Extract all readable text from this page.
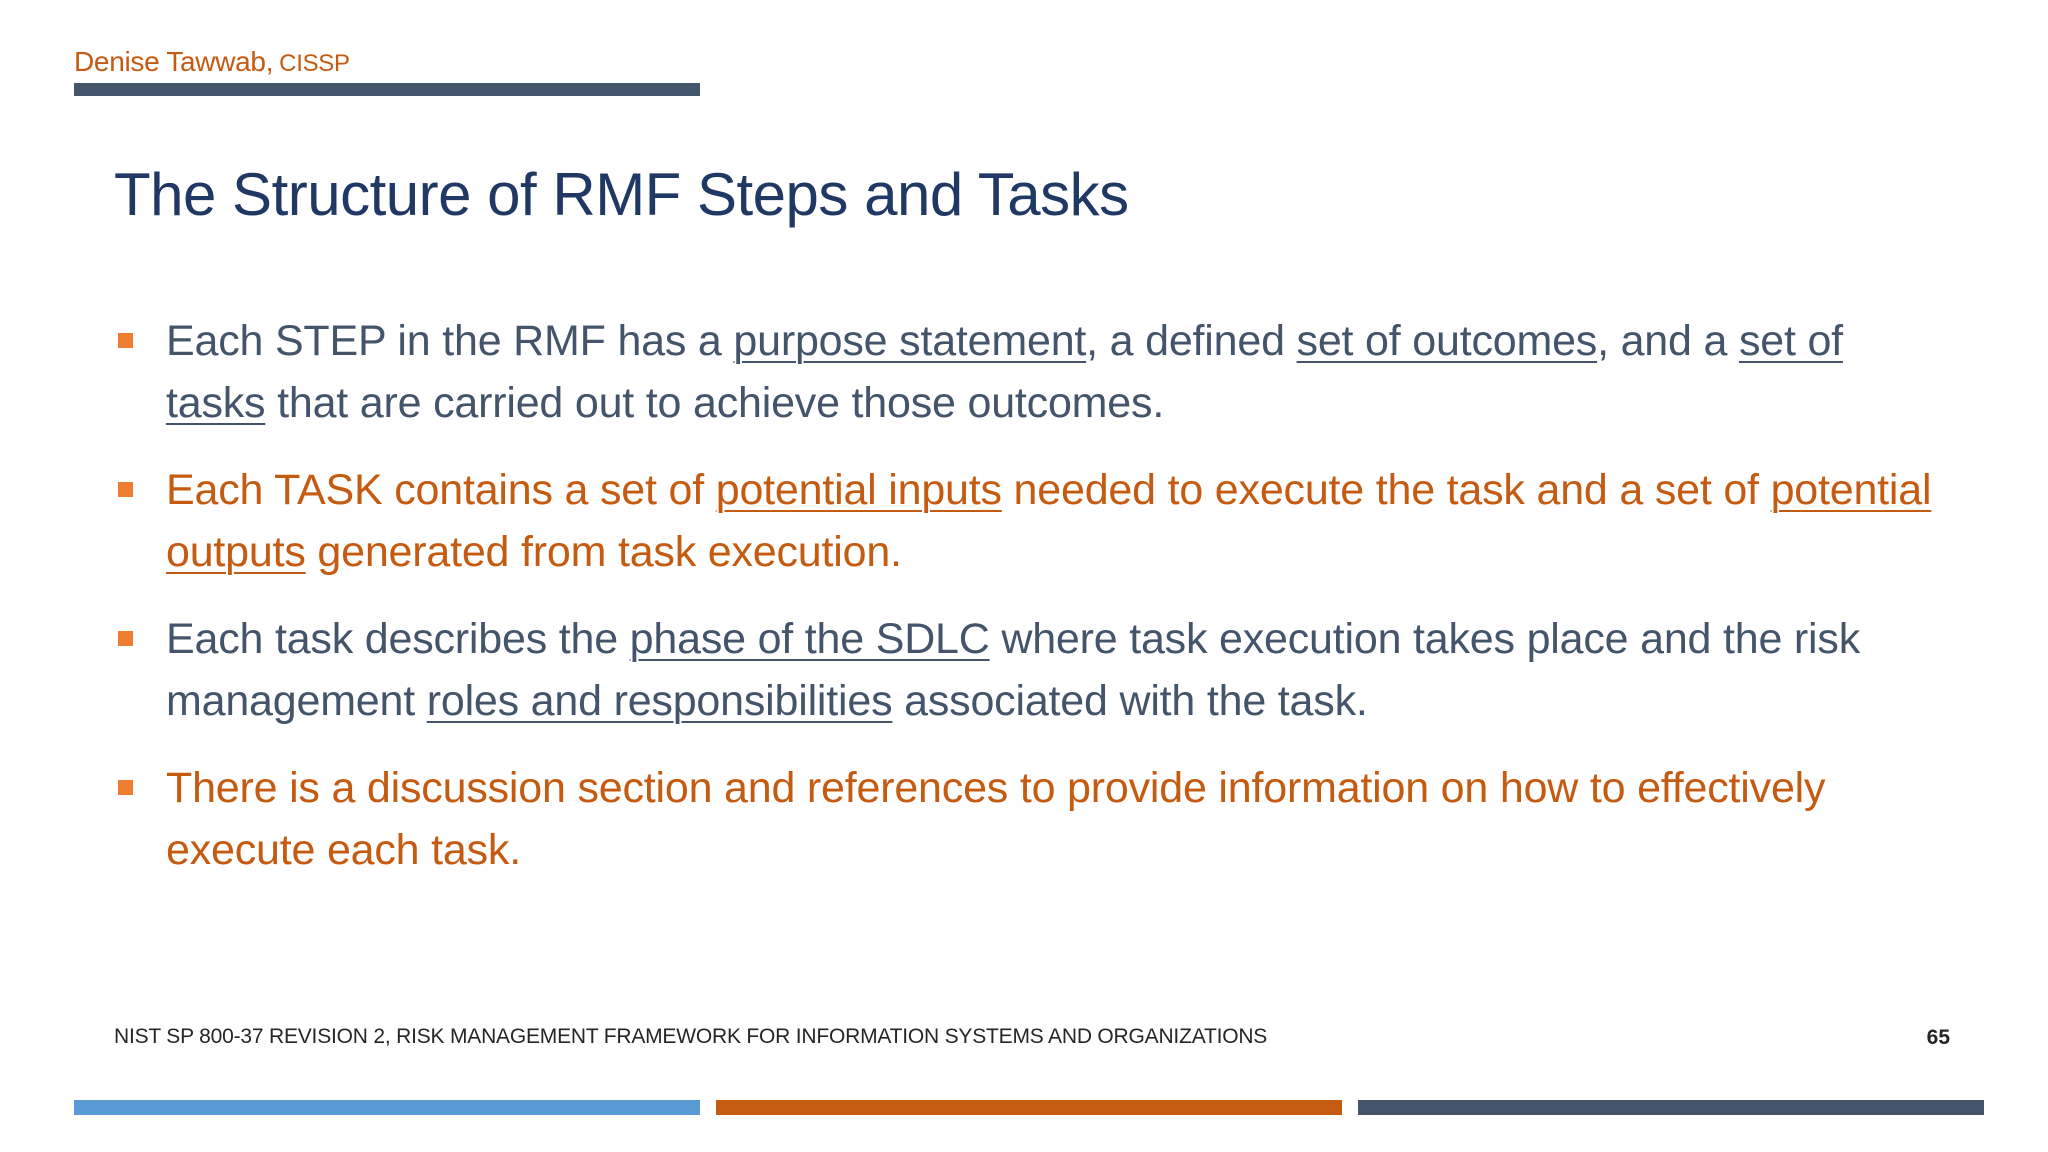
Denise Tawwab, CISSP
The Structure of RMF Steps and Tasks
Each STEP in the RMF has a purpose statement, a defined set of outcomes, and a set of tasks that are carried out to achieve those outcomes.
Each TASK contains a set of potential inputs needed to execute the task and a set of potential outputs generated from task execution.
Each task describes the phase of the SDLC where task execution takes place and the risk management roles and responsibilities associated with the task.
There is a discussion section and references to provide information on how to effectively execute each task.
NIST SP 800-37 REVISION 2, RISK MANAGEMENT FRAMEWORK FOR INFORMATION SYSTEMS AND ORGANIZATIONS	65
